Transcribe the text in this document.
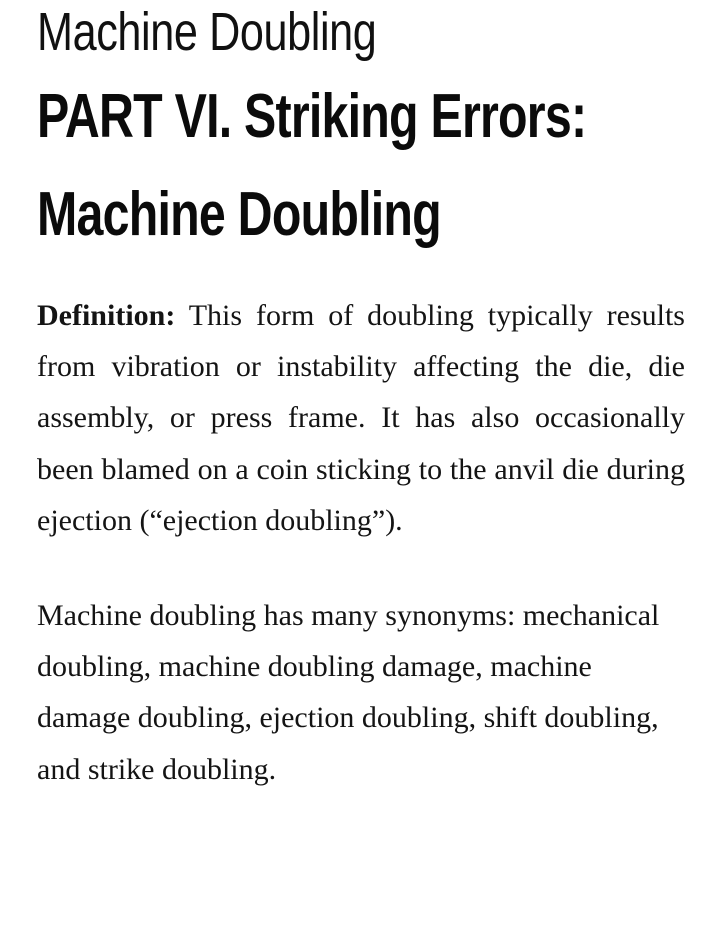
Machine Doubling
PART VI. Striking Errors:
Machine Doubling

Definition: This form of doubling typically results from vibration or instability affecting the die, die assembly, or press frame. It has also occasionally been blamed on a coin sticking to the anvil die during ejection (“ejection doubling”).

Machine doubling has many synonyms: mechanical doubling, machine doubling damage, machine damage doubling, ejection doubling, shift doubling, and strike doubling.
